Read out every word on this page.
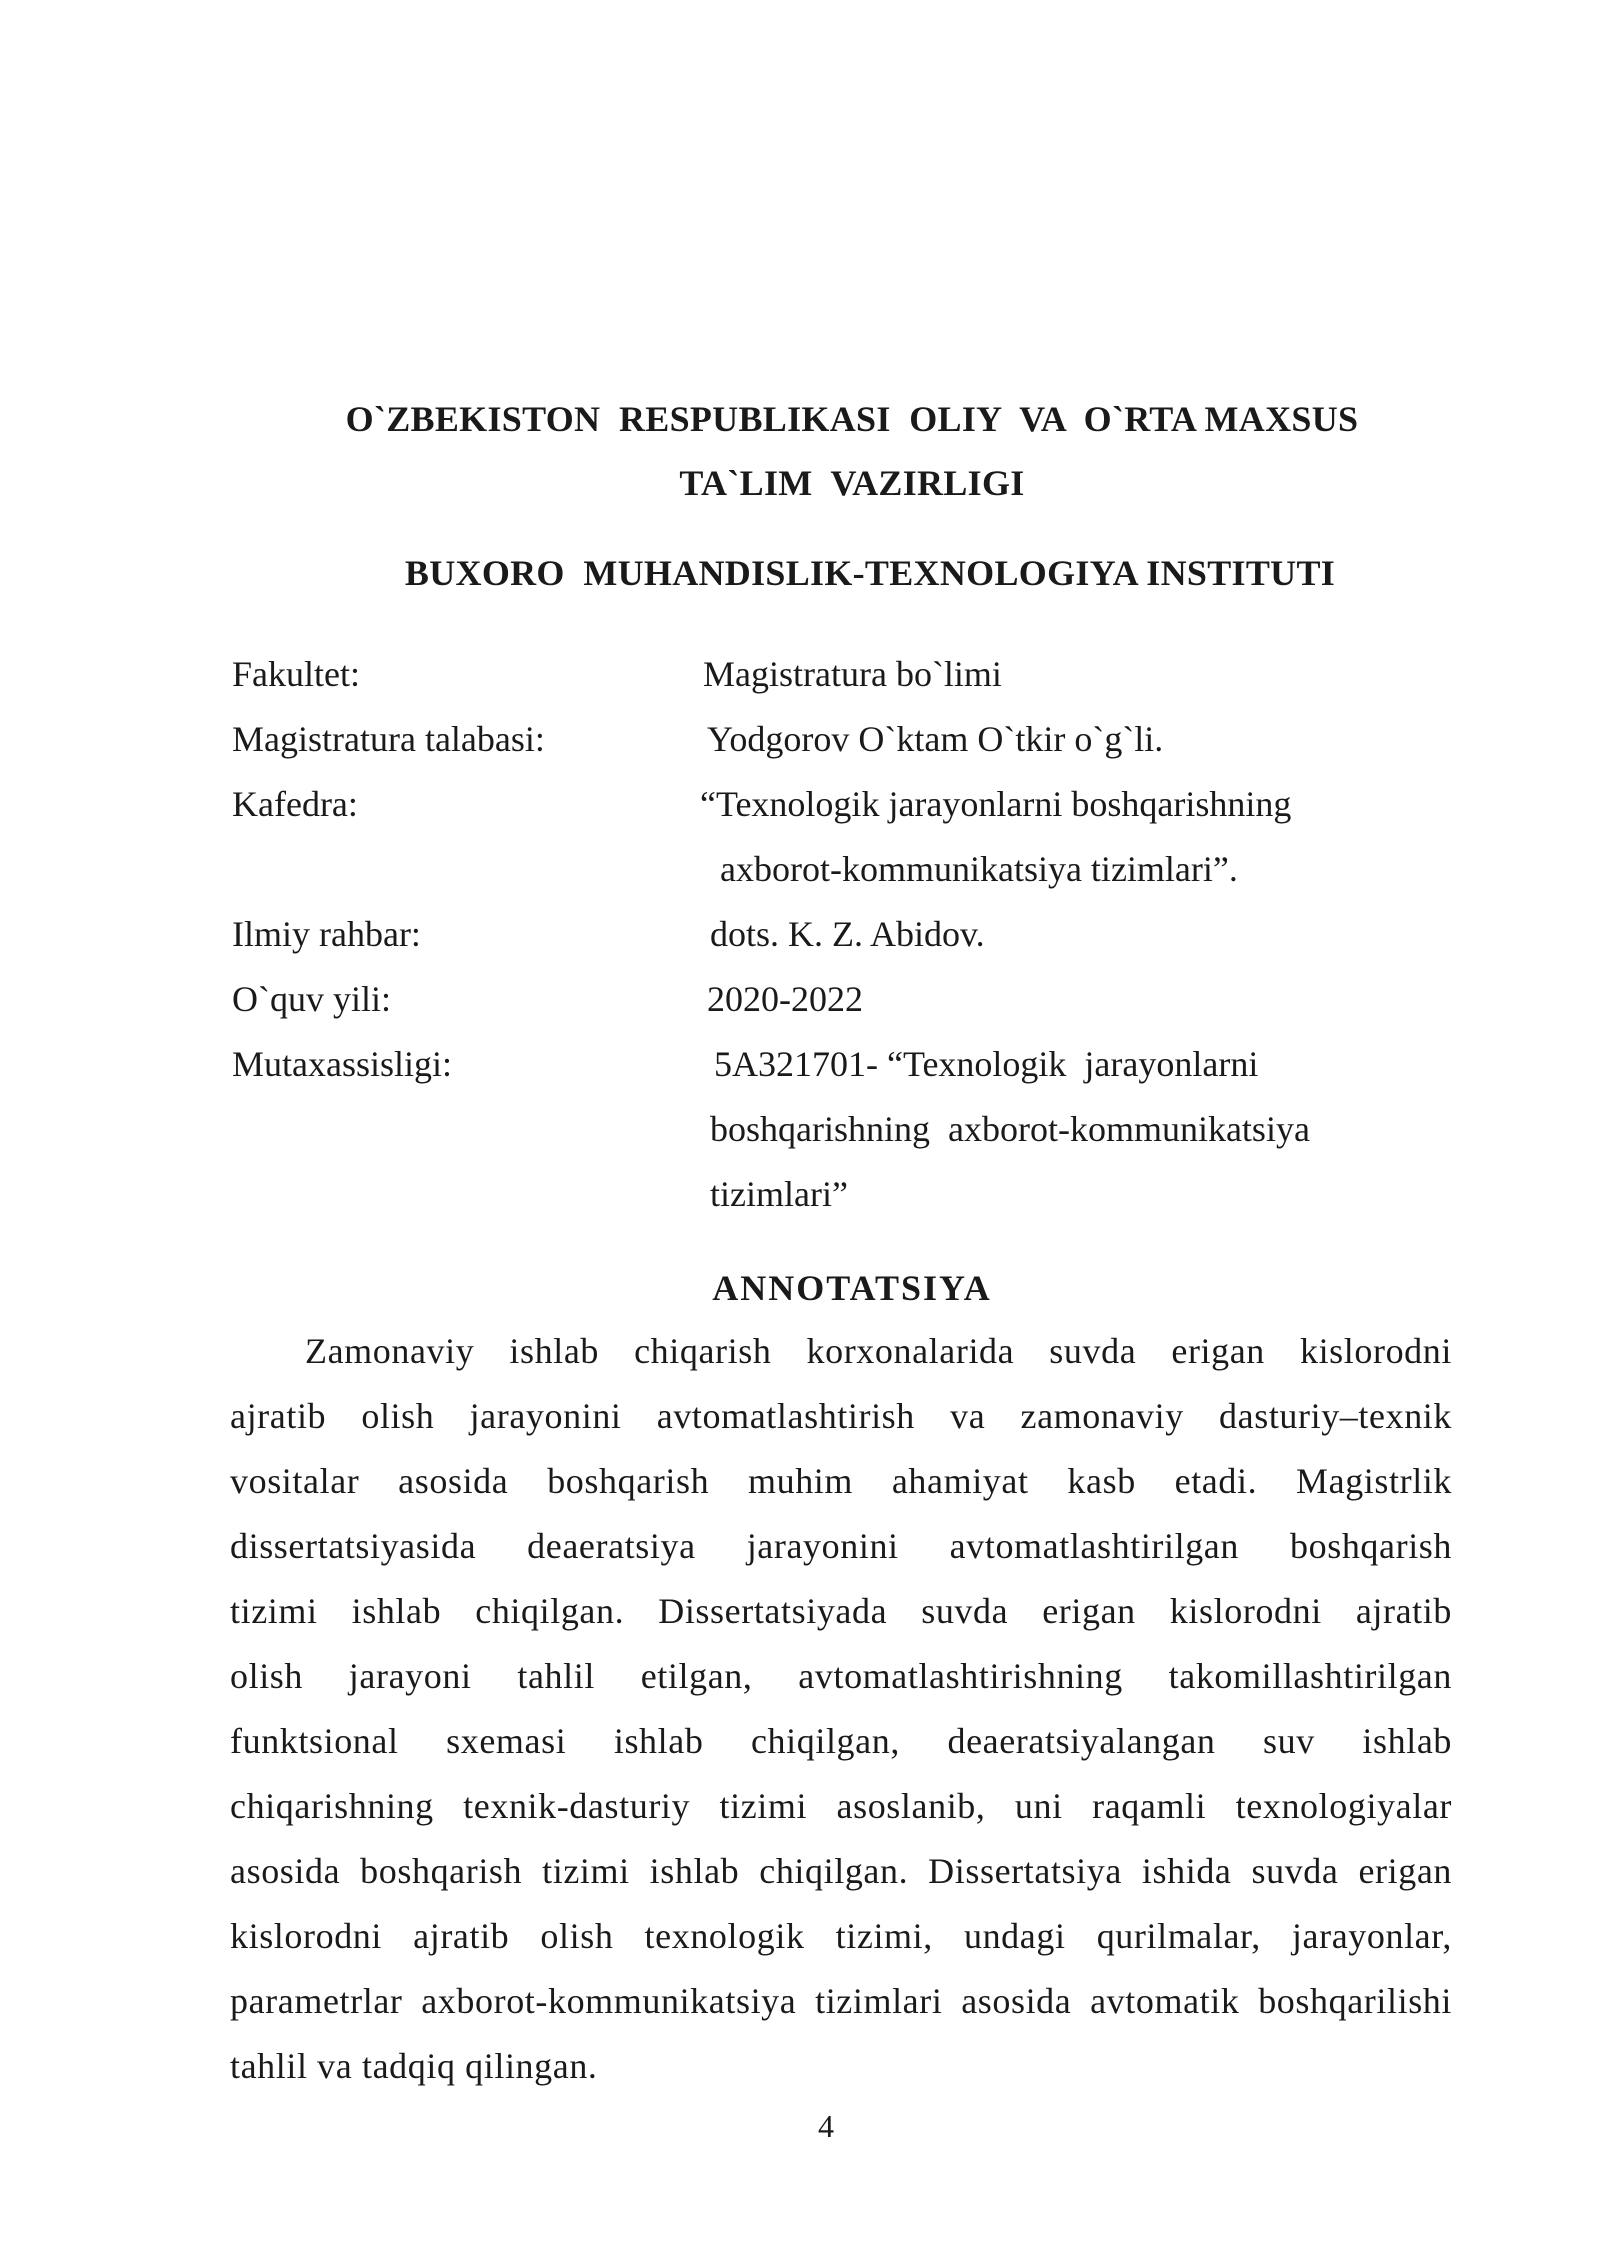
O`ZBEKISTON  RESPUBLIKASI  OLIY  VA  O`RTA MAXSUS
TA`LIM  VAZIRLIGI
BUXORO  MUHANDISLIK-TEXNOLOGIYA INSTITUTI
Fakultet:	Magistratura bo`limi
Magistratura talabasi:	Yodgorov O`ktam O`tkir o`g`li.
Kafedra:	“Texnologik jarayonlarni boshqarishning
axborot-kommunikatsiya tizimlari”.
Ilmiy rahbar:	dots. K. Z. Abidov.
O`quv yili:	2020-2022
Mutaxassisligi:	5A321701- “Texnologik  jarayonlarni
boshqarishning  axborot-kommunikatsiya
tizimlari”
ANNOTATSIYA
Zamonaviy ishlab chiqarish korxonalarida suvda erigan kislorodni
ajratib olish jarayonini avtomatlashtirish va zamonaviy dasturiy–texnik
vositalar asosida boshqarish muhim ahamiyat kasb etadi. Magistrlik
dissertatsiyasida deaeratsiya jarayonini avtomatlashtirilgan boshqarish
tizimi ishlab chiqilgan. Dissertatsiyada suvda erigan kislorodni ajratib
olish jarayoni tahlil etilgan, avtomatlashtirishning takomillashtirilgan
funktsional sxemasi ishlab chiqilgan, deaeratsiyalangan suv ishlab
chiqarishning texnik-dasturiy tizimi asoslanib, uni raqamli texnologiyalar
asosida boshqarish tizimi ishlab chiqilgan. Dissertatsiya ishida suvda erigan
kislorodni ajratib olish texnologik tizimi, undagi qurilmalar, jarayonlar,
parametrlar axborot-kommunikatsiya tizimlari asosida avtomatik boshqarilishi
tahlil va tadqiq qilingan.
4
